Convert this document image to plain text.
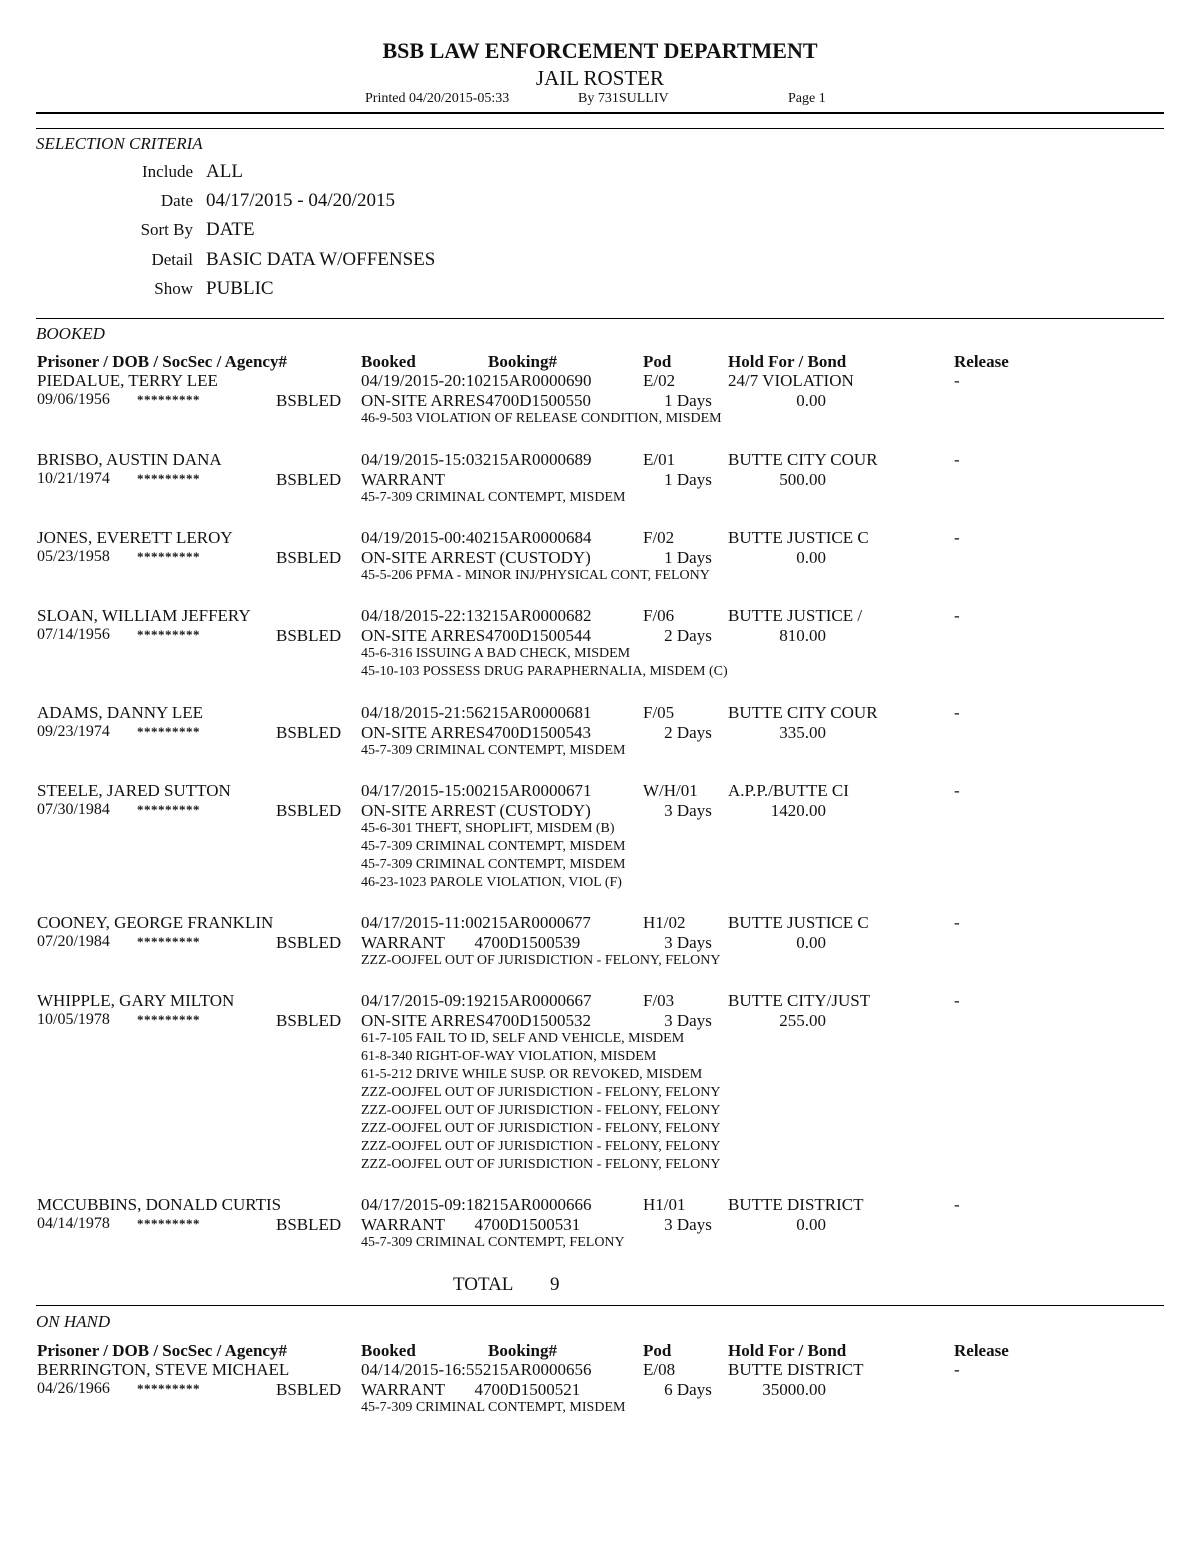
BSB LAW ENFORCEMENT DEPARTMENT
JAIL ROSTER
Printed 04/20/2015-05:33	By 731SULLIV	Page 1
SELECTION CRITERIA
Include ALL
Date 04/17/2015 - 04/20/2015
Sort By DATE
Detail BASIC DATA W/OFFENSES
Show PUBLIC
BOOKED
Prisoner / DOB / SocSec / Agency#	Booked	Booking#	Pod	Hold For / Bond	Release
PIEDALUE, TERRY LEE	04/19/2015-20:10215AR0000690	E/02	24/7 VIOLATION	-
09/06/1956 *********	BSBLED ON-SITE ARRES4700D1500550	1 Days	0.00
46-9-503 VIOLATION OF RELEASE CONDITION, MISDEM
BRISBO, AUSTIN DANA	04/19/2015-15:03215AR0000689	E/01	BUTTE CITY COUR	-
10/21/1974 *********	BSBLED WARRANT	1 Days	500.00
45-7-309 CRIMINAL CONTEMPT, MISDEM
JONES, EVERETT LEROY	04/19/2015-00:40215AR0000684	F/02	BUTTE JUSTICE C	-
05/23/1958 *********	BSBLED ON-SITE ARREST (CUSTODY)	1 Days	0.00
45-5-206 PFMA - MINOR INJ/PHYSICAL CONT, FELONY
SLOAN, WILLIAM JEFFERY	04/18/2015-22:13215AR0000682	F/06	BUTTE JUSTICE /	-
07/14/1956 *********	BSBLED ON-SITE ARRES4700D1500544	2 Days	810.00
45-6-316 ISSUING A BAD CHECK, MISDEM
45-10-103 POSSESS DRUG PARAPHERNALIA, MISDEM (C)
ADAMS, DANNY LEE	04/18/2015-21:56215AR0000681	F/05	BUTTE CITY COUR	-
09/23/1974 *********	BSBLED ON-SITE ARRES4700D1500543	2 Days	335.00
45-7-309 CRIMINAL CONTEMPT, MISDEM
STEELE, JARED SUTTON	04/17/2015-15:00215AR0000671	W/H/01 A.P.P./BUTTE CI	-
07/30/1984 *********	BSBLED ON-SITE ARREST (CUSTODY)	3 Days	1420.00
45-6-301 THEFT, SHOPLIFT, MISDEM (B)
45-7-309 CRIMINAL CONTEMPT, MISDEM
45-7-309 CRIMINAL CONTEMPT, MISDEM
46-23-1023 PAROLE VIOLATION, VIOL (F)
COONEY, GEORGE FRANKLIN	04/17/2015-11:00215AR0000677	H1/02	BUTTE JUSTICE C	-
07/20/1984 *********	BSBLED WARRANT       4700D1500539	3 Days	0.00
ZZZ-OOJFEL OUT OF JURISDICTION - FELONY, FELONY
WHIPPLE, GARY MILTON	04/17/2015-09:19215AR0000667	F/03	BUTTE CITY/JUST	-
10/05/1978 *********	BSBLED ON-SITE ARRES4700D1500532	3 Days	255.00
61-7-105 FAIL TO ID, SELF AND VEHICLE, MISDEM
61-8-340 RIGHT-OF-WAY VIOLATION, MISDEM
61-5-212 DRIVE WHILE SUSP. OR REVOKED, MISDEM
ZZZ-OOJFEL OUT OF JURISDICTION - FELONY, FELONY
ZZZ-OOJFEL OUT OF JURISDICTION - FELONY, FELONY
ZZZ-OOJFEL OUT OF JURISDICTION - FELONY, FELONY
ZZZ-OOJFEL OUT OF JURISDICTION - FELONY, FELONY
ZZZ-OOJFEL OUT OF JURISDICTION - FELONY, FELONY
MCCUBBINS, DONALD CURTIS	04/17/2015-09:18215AR0000666	H1/01	BUTTE DISTRICT	-
04/14/1978 *********	BSBLED WARRANT       4700D1500531	3 Days	0.00
45-7-309 CRIMINAL CONTEMPT, FELONY
TOTAL 9
ON HAND
Prisoner / DOB / SocSec / Agency#	Booked	Booking#	Pod	Hold For / Bond	Release
BERRINGTON, STEVE MICHAEL	04/14/2015-16:55215AR0000656	E/08	BUTTE DISTRICT	-
04/26/1966 *********	BSBLED WARRANT       4700D1500521	6 Days	35000.00
45-7-309 CRIMINAL CONTEMPT, MISDEM
